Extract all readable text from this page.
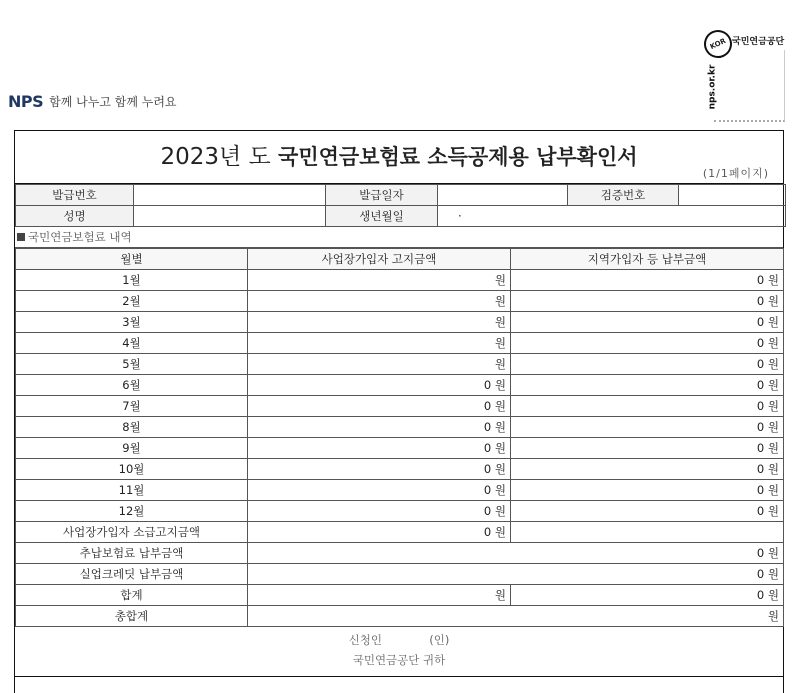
NPS 함께 나누고 함께 누려요
KOR 국민연금공단
nps.or.kr
2023년 도 국민연금보험료 소득공제용 납부확인서
(1/1페이지)
발급번호		발급일자		검증번호	
성명		생년월일	·		
국민연금보험료 내역
월별	사업장가입자 고지금액	지역가입자 등 납부금액
1월	원	0 원
2월	원	0 원
3월	원	0 원
4월	원	0 원
5월	원	0 원
6월	0 원	0 원
7월	0 원	0 원
8월	0 원	0 원
9월	0 원	0 원
10월	0 원	0 원
11월	0 원	0 원
12월	0 원	0 원
사업장가입자 소급고지금액	0 원	
추납보험료 납부금액	0 원	
실업크레딧 납부금액	0 원	
합계	원	0 원
총합계	원	
신청인	(인)
국민연금공단 귀하
